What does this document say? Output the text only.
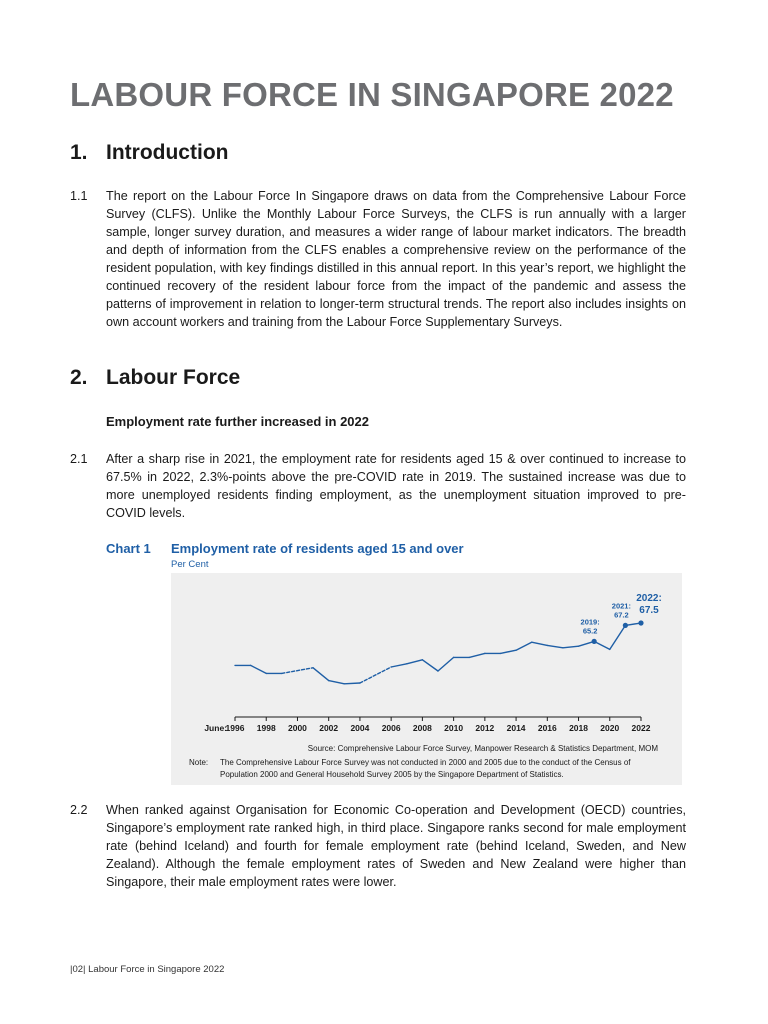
LABOUR FORCE IN SINGAPORE 2022
1. Introduction
1.1	The report on the Labour Force In Singapore draws on data from the Comprehensive Labour Force Survey (CLFS). Unlike the Monthly Labour Force Surveys, the CLFS is run annually with a larger sample, longer survey duration, and measures a wider range of labour market indicators. The breadth and depth of information from the CLFS enables a comprehensive review on the performance of the resident population, with key findings distilled in this annual report. In this year’s report, we highlight the continued recovery of the resident labour force from the impact of the pandemic and assess the patterns of improvement in relation to longer-term structural trends. The report also includes insights on own account workers and training from the Labour Force Supplementary Surveys.
2. Labour Force
Employment rate further increased in 2022
2.1	After a sharp rise in 2021, the employment rate for residents aged 15 & over continued to increase to 67.5% in 2022, 2.3%-points above the pre-COVID rate in 2019. The sustained increase was due to more unemployed residents finding employment, as the unemployment situation improved to pre-COVID levels.
Chart 1 Employment rate of residents aged 15 and over
Per Cent
June:
1996 1998 2000 2002 2004 2006 2008 2010 2012 2014 2016 2018 2020 2022
2019:
65.2
2021:
67.2
2022:
67.5
Source: Comprehensive Labour Force Survey, Manpower Research & Statistics Department, MOM
Note: The Comprehensive Labour Force Survey was not conducted in 2000 and 2005 due to the conduct of the Census of Population 2000 and General Household Survey 2005 by the Singapore Department of Statistics.
2.2	When ranked against Organisation for Economic Co-operation and Development (OECD) countries, Singapore’s employment rate ranked high, in third place. Singapore ranks second for male employment rate (behind Iceland) and fourth for female employment rate (behind Iceland, Sweden, and New Zealand). Although the female employment rates of Sweden and New Zealand were higher than Singapore, their male employment rates were lower.
|02| Labour Force in Singapore 2022
